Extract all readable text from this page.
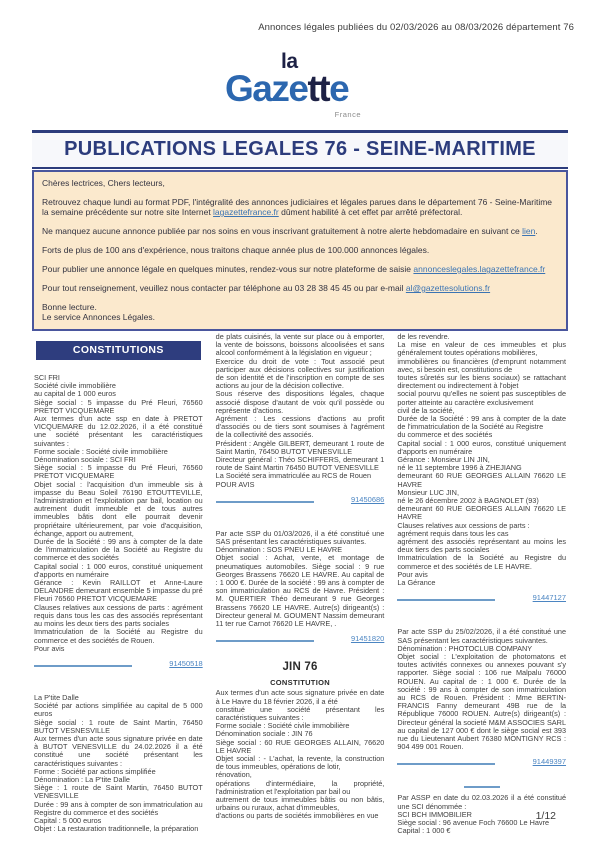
Annonces légales publiées du 02/03/2026 au 08/03/2026 département 76
la
Gazette
France
PUBLICATIONS LEGALES 76 - SEINE-MARITIME
Chères lectrices, Chers lecteurs,
Retrouvez chaque lundi au format PDF, l'intégralité des annonces judiciaires et légales parues dans le département 76 - Seine-Maritime la semaine précédente sur notre site Internet lagazettefrance.fr dûment habilité à cet effet par arrêté préfectoral.
Ne manquez aucune annonce publiée par nos soins en vous inscrivant gratuitement à notre alerte hebdomadaire en suivant ce lien.
Forts de plus de 100 ans d'expérience, nous traitons chaque année plus de 100.000 annonces légales.
Pour publier une annonce légale en quelques minutes, rendez-vous sur notre plateforme de saisie annonceslegales.lagazettefrance.fr
Pour tout renseignement, veuillez nous contacter par téléphone au 03 28 38 45 45 ou par e-mail al@gazettesolutions.fr
Bonne lecture.
Le service Annonces Légales.
CONSTITUTIONS
SCI FRI
Société civile immobilière
au capital de 1 000 euros
Siège social : 5 impasse du Pré Fleuri, 76560 PRETOT VICQUEMARE
Aux termes d'un acte ssp en date à PRETOT VICQUEMARE du 12.02.2026, il a été constitué une société présentant les caractéristiques suivantes :
Forme sociale : Société civile immobilière
Dénomination sociale : SCI FRI
Siège social : 5 impasse du Pré Fleuri, 76560 PRETOT VICQUEMARE
Objet social : l'acquisition d'un immeuble sis à impasse du Beau Soleil 76190 ETOUTTEVILLE, l'administration et l'exploitation par bail, location ou autrement dudit immeuble et de tous autres immeubles bâtis dont elle pourrait devenir propriétaire ultérieurement, par voie d'acquisition, échange, apport ou autrement,
Durée de la Société : 99 ans à compter de la date de l'immatriculation de la Société au Registre du commerce et des sociétés
Capital social : 1 000 euros, constitué uniquement d'apports en numéraire
Gérance : Kevin RAILLOT et Anne-Laure DELANDRE demeurant ensemble 5 impasse du pré Fleuri 76560 PRETOT VICQUEMARE
Clauses relatives aux cessions de parts : agrément requis dans tous les cas des associés représentant au moins les deux tiers des parts sociales
Immatriculation de la Société au Registre du commerce et des sociétés de Rouen.
Pour avis
91450518
La P'tite Dalle
Société par actions simplifiée au capital de 5 000 euros
Siège social : 1 route de Saint Martin, 76450 BUTOT VESNESVILLE
Aux termes d'un acte sous signature privée en date à BUTOT VENESVILLE du 24.02.2026 il a été constitué une société présentant les caractéristiques suivantes :
Forme : Société par actions simplifiée
Dénomination : La P'tite Dalle
Siège : 1 route de Saint Martin, 76450 BUTOT VENESVILLE
Durée : 99 ans à compter de son immatriculation au Registre du commerce et des sociétés
Capital : 5 000 euros
Objet : La restauration traditionnelle, la préparation
de plats cuisinés, la vente sur place ou à emporter, la vente de boissons, boissons alcoolisées et sans alcool conformément à la législation en vigueur ;
Exercice du droit de vote : Tout associé peut participer aux décisions collectives sur justification de son identité et de l'inscription en compte de ses actions au jour de la décision collective.
Sous réserve des dispositions légales, chaque associé dispose d'autant de voix qu'il possède ou représente d'actions.
Agrément : Les cessions d'actions au profit d'associés ou de tiers sont soumises à l'agrément de la collectivité des associés.
Président : Angèle GILBERT, demeurant 1 route de Saint Martin, 76450 BUTOT VENESVILLE
Directeur général : Théo SCHIFFERS, demeurant 1 route de Saint Martin 76450 BUTOT VENESVILLE
La Société sera immatriculée au RCS de Rouen
POUR AVIS
91450686
Par acte SSP du 01/03/2026, il a été constitué une SAS présentant les caractéristiques suivantes.
Dénomination : SOS PNEU LE HAVRE
Objet social : Achat, vente, et montage de pneumatiques automobiles. Siège social : 9 rue Georges Brassens 76620 LE HAVRE. Au capital de : 1 000 €. Durée de la société : 99 ans à compter de son immatriculation au RCS de Havre. Président : M. QUERTIER Théo demeurant 9 rue Georges Brassens 76620 LE HAVRE. Autre(s) dirigeant(s) : Directeur general M. GOUMENT Nassim demeurant 11 ter rue Carnot 76620 LE HAVRE, .
91451820
JIN 76
CONSTITUTION
Aux termes d'un acte sous signature privée en date à Le Havre du 18 février 2026, il a été
constitué une société présentant les caractéristiques suivantes :
Forme sociale : Société civile immobilière
Dénomination sociale : JIN 76
Siège social : 60 RUE GEORGES ALLAIN, 76620 LE HAVRE
Objet social : - L'achat, la revente, la construction de tous immeubles, opérations de lotir,
rénovation,
opérations d'intermédiaire, la propriété, l'administration et l'exploitation par bail ou
autrement de tous immeubles bâtis ou non bâtis, urbains ou ruraux, achat d'immeubles,
d'actions ou parts de sociétés immobilières en vue
de les revendre.
La mise en valeur de ces immeubles et plus généralement toutes opérations mobilières,
immobilières ou financières (d'emprunt notamment avec, si besoin est, constitutions de
toutes sûretés sur les biens sociaux) se rattachant directement ou indirectement à l'objet
social pourvu qu'elles ne soient pas susceptibles de porter atteinte au caractère exclusivement
civil de la société,
Durée de la Société : 99 ans à compter de la date de l'immatriculation de la Société au Registre
du commerce et des sociétés
Capital social : 1 000 euros, constitué uniquement d'apports en numéraire
Gérance : Monsieur LIN JIN,
né le 11 septembre 1996 à ZHEJIANG
demeurant 60 RUE GEORGES ALLAIN 76620 LE HAVRE
Monsieur LUC JIN,
né le 26 décembre 2002 à BAGNOLET (93)
demeurant 60 RUE GEORGES ALLAIN 76620 LE HAVRE
Clauses relatives aux cessions de parts :
agrément requis dans tous les cas
agrément des associés représentant au moins les deux tiers des parts sociales
Immatriculation de la Société au Registre du commerce et des sociétés de LE HAVRE.
Pour avis
La Gérance
91447127
Par acte SSP du 25/02/2026, il a été constitué une SAS présentant les caractéristiques suivantes.
Dénomination : PHOTOCLUB COMPANY
Objet social : L'exploitation de photomatons et toutes activités connexes ou annexes pouvant s'y rapporter. Siège social : 106 rue Malpalu 76000 ROUEN. Au capital de : 1 000 €. Durée de la société : 99 ans à compter de son immatriculation au RCS de Rouen. Président : Mme BERTIN-FRANCIS Fanny demeurant 49B rue de la République 76000 ROUEN. Autre(s) dirigeant(s) : Directeur général la societé M&M ASSOCIES SARL au capital de 127 000 € dont le siège social est 393 rue du Lieutenant Aubert 76380 MONTIGNY RCS : 904 499 001 Rouen.
91449397
Par ASSP en date du 02.03.2026 il a été constitué une SCI dénommée :
SCI BCH IMMOBILIER
Siège social : 96 avenue Foch 76600 Le Havre
Capital : 1 000 €
1/12
